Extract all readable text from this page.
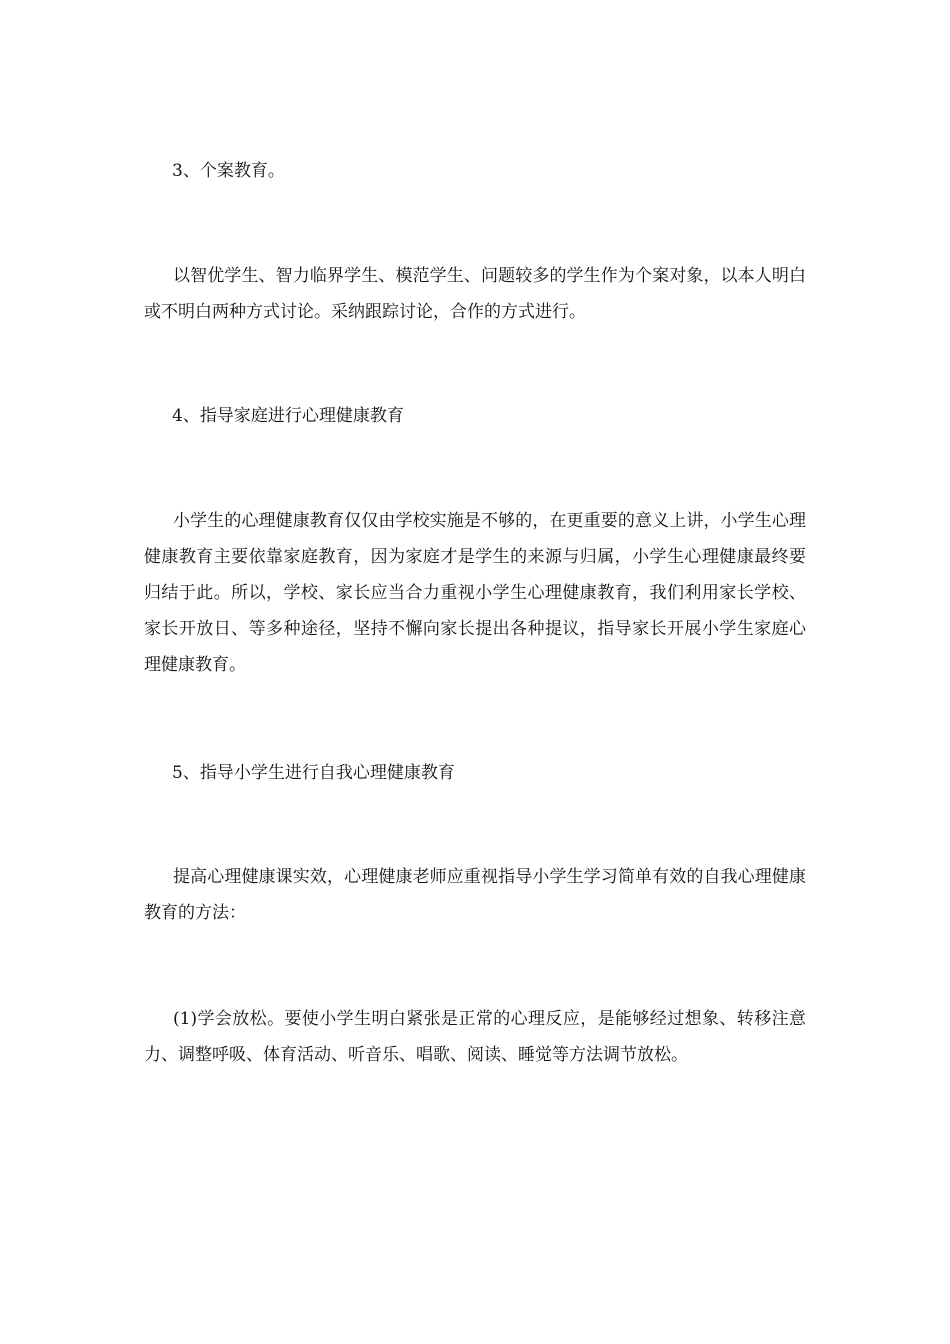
3、个案教育。

以智优学生、智力临界学生、模范学生、问题较多的学生作为个案对象，以本人明白或不明白两种方式讨论。采纳跟踪讨论，合作的方式进行。

4、指导家庭进行心理健康教育

小学生的心理健康教育仅仅由学校实施是不够的，在更重要的意义上讲，小学生心理健康教育主要依靠家庭教育，因为家庭才是学生的来源与归属，小学生心理健康最终要归结于此。所以，学校、家长应当合力重视小学生心理健康教育，我们利用家长学校、家长开放日、等多种途径，坚持不懈向家长提出各种提议，指导家长开展小学生家庭心理健康教育。

5、指导小学生进行自我心理健康教育

提高心理健康课实效，心理健康老师应重视指导小学生学习简单有效的自我心理健康教育的方法：

(1)学会放松。要使小学生明白紧张是正常的心理反应，是能够经过想象、转移注意力、调整呼吸、体育活动、听音乐、唱歌、阅读、睡觉等方法调节放松。
